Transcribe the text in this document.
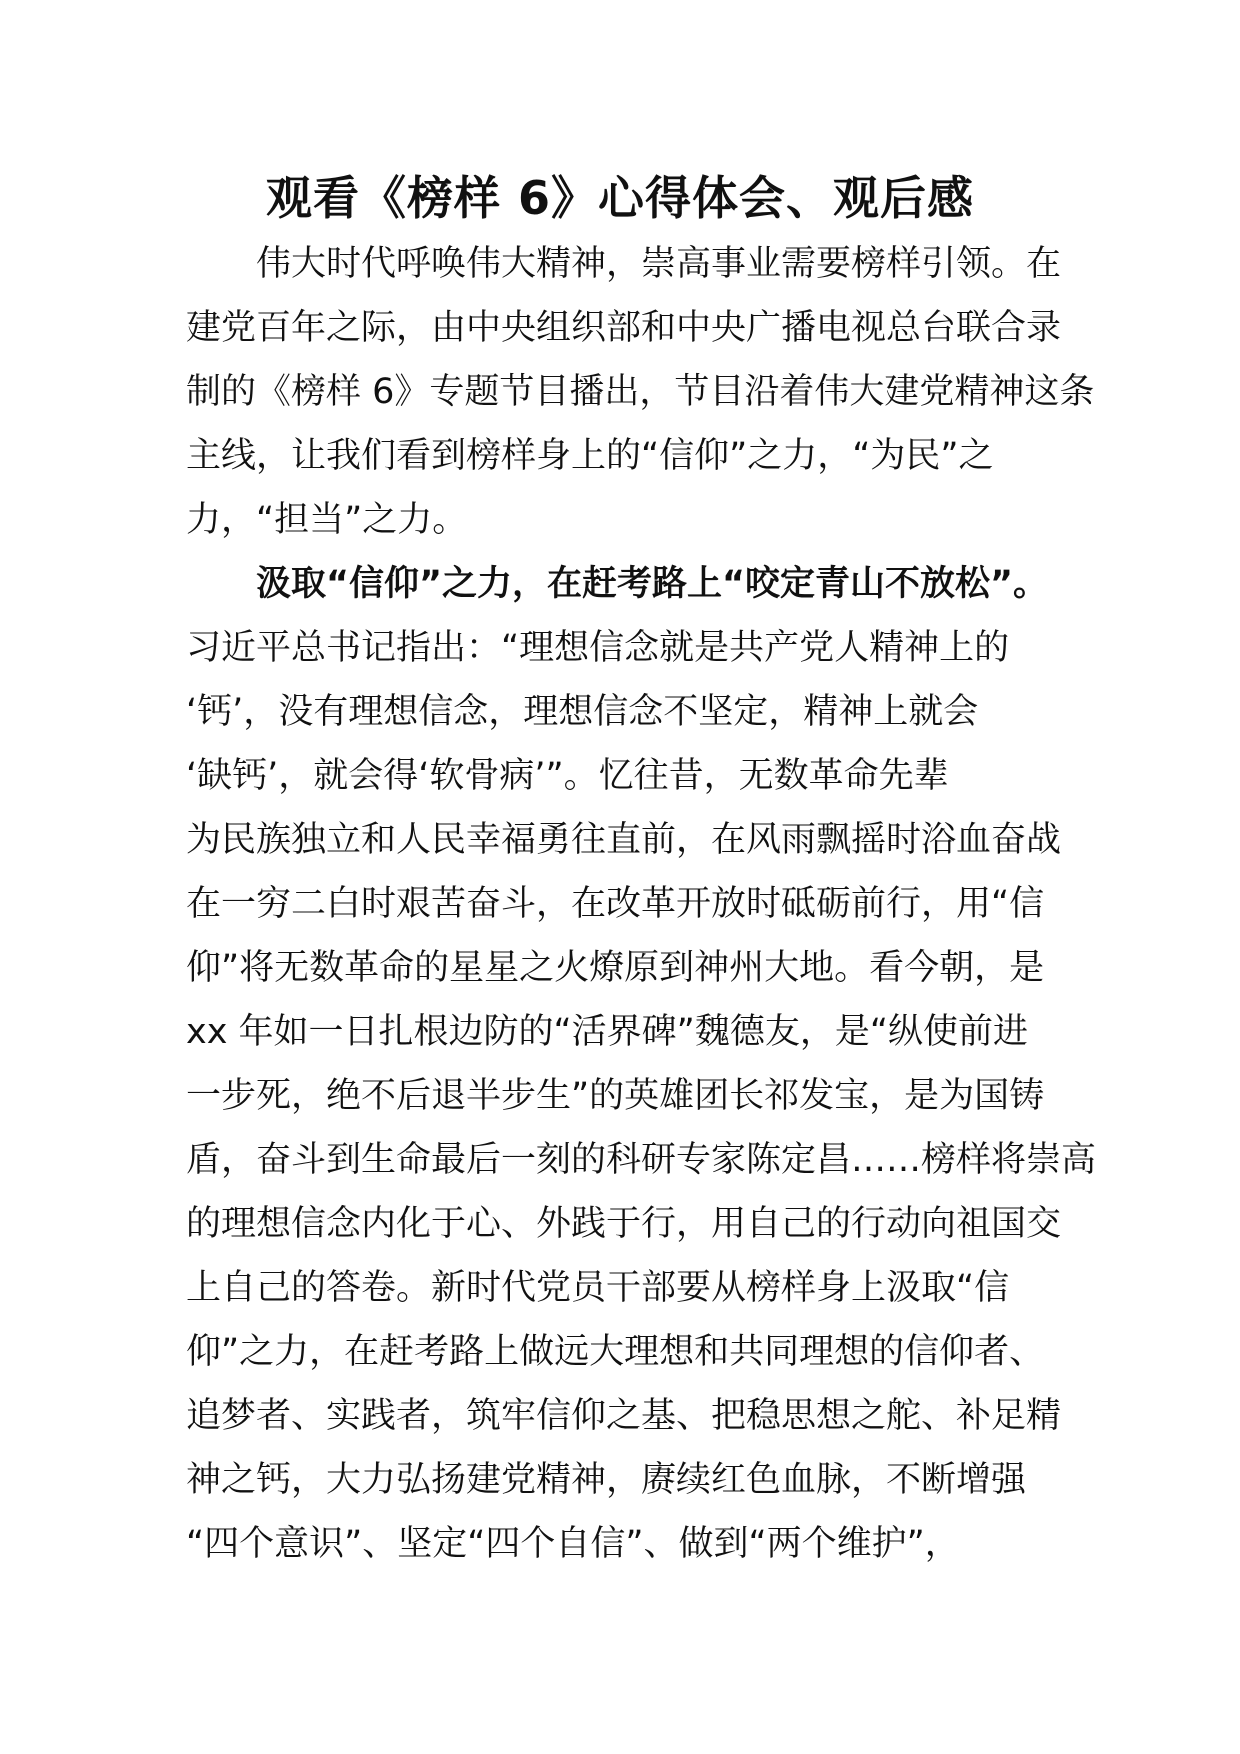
观看《榜样 6》心得体会、观后感
伟大时代呼唤伟大精神，崇高事业需要榜样引领。在
建党百年之际，由中央组织部和中央广播电视总台联合录
制的《榜样 6》专题节目播出，节目沿着伟大建党精神这条
主线，让我们看到榜样身上的“信仰”之力，“为民”之
力，“担当”之力。
汲取“信仰”之力，在赶考路上“咬定青山不放松”。
习近平总书记指出：“理想信念就是共产党人精神上的
‘钙’，没有理想信念，理想信念不坚定，精神上就会
‘缺钙’，就会得‘软骨病’”。忆往昔，无数革命先辈
为民族独立和人民幸福勇往直前，在风雨飘摇时浴血奋战
在一穷二白时艰苦奋斗，在改革开放时砥砺前行，用“信
仰”将无数革命的星星之火燎原到神州大地。看今朝，是
xx 年如一日扎根边防的“活界碑”魏德友，是“纵使前进
一步死，绝不后退半步生”的英雄团长祁发宝，是为国铸
盾，奋斗到生命最后一刻的科研专家陈定昌……榜样将崇高
的理想信念内化于心、外践于行，用自己的行动向祖国交
上自己的答卷。新时代党员干部要从榜样身上汲取“信
仰”之力，在赶考路上做远大理想和共同理想的信仰者、
追梦者、实践者，筑牢信仰之基、把稳思想之舵、补足精
神之钙，大力弘扬建党精神，赓续红色血脉，不断增强
“四个意识”、坚定“四个自信”、做到“两个维护”，
